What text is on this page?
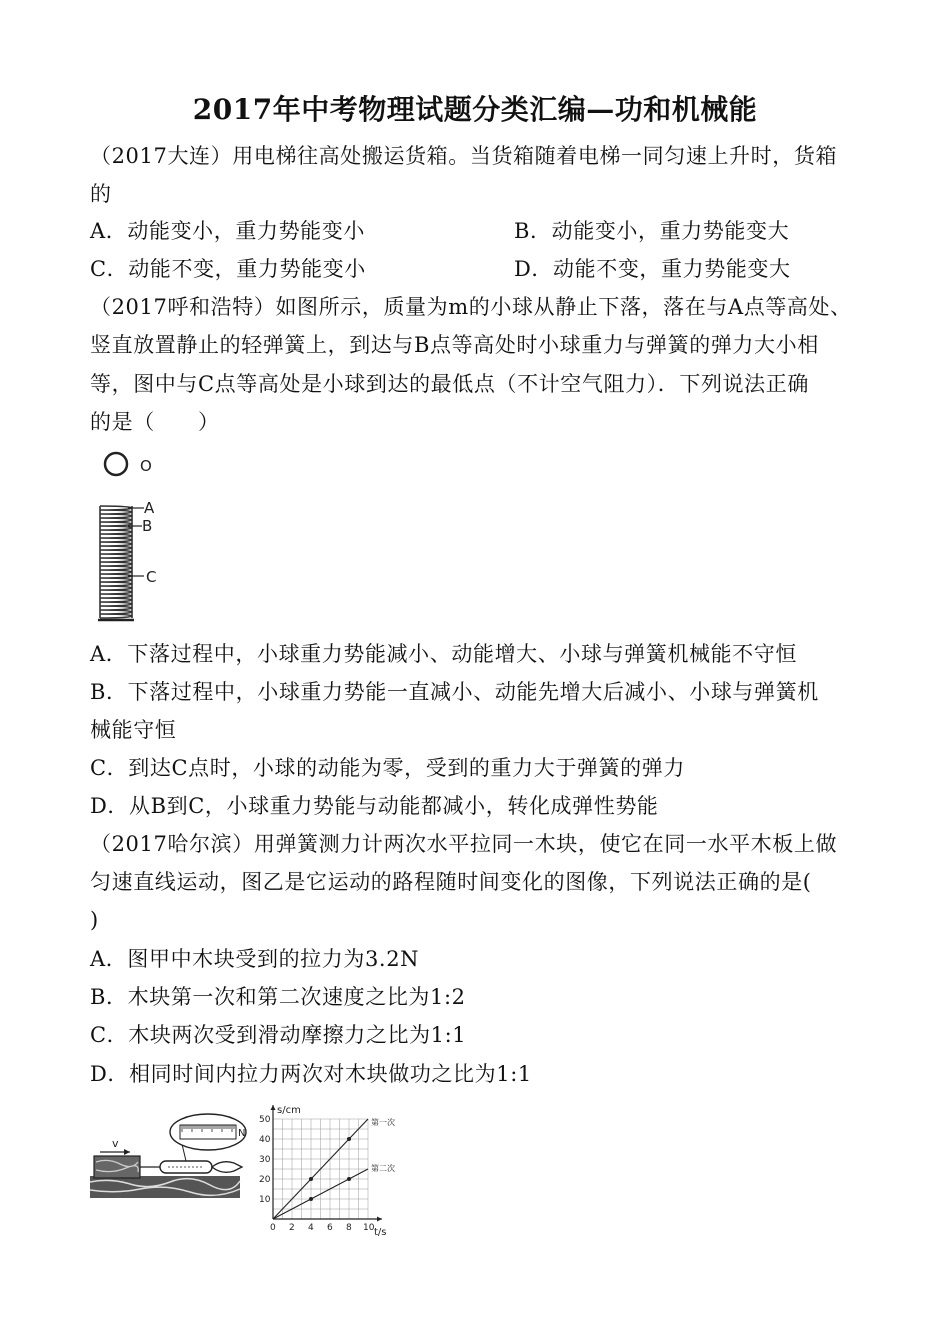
2017年中考物理试题分类汇编—功和机械能
（2017大连）用电梯往高处搬运货箱。当货箱随着电梯一同匀速上升时，货箱
的
A．动能变小，重力势能变小	B．动能变小，重力势能变大
C．动能不变，重力势能变小	D．动能不变，重力势能变大
（2017呼和浩特）如图所示，质量为m的小球从静止下落，落在与A点等高处、
竖直放置静止的轻弹簧上，到达与B点等高处时小球重力与弹簧的弹力大小相
等，图中与C点等高处是小球到达的最低点（不计空气阻力）．下列说法正确
的是（　　）
O
A
B
C
A．下落过程中，小球重力势能减小、动能增大、小球与弹簧机械能不守恒
B．下落过程中，小球重力势能一直减小、动能先增大后减小、小球与弹簧机
械能守恒
C．到达C点时，小球的动能为零，受到的重力大于弹簧的弹力
D．从B到C，小球重力势能与动能都减小，转化成弹性势能
（2017哈尔滨）用弹簧测力计两次水平拉同一木块，使它在同一水平木板上做
匀速直线运动，图乙是它运动的路程随时间变化的图像，下列说法正确的是(
)
A．图甲中木块受到的拉力为3.2N
B．木块第一次和第二次速度之比为1:2
C．木块两次受到滑动摩擦力之比为1:1
D．相同时间内拉力两次对木块做功之比为1:1
v
N
0 2 4 6 8 10
10
20
30
40
50	第一次
第二次
s/cm
t/s
